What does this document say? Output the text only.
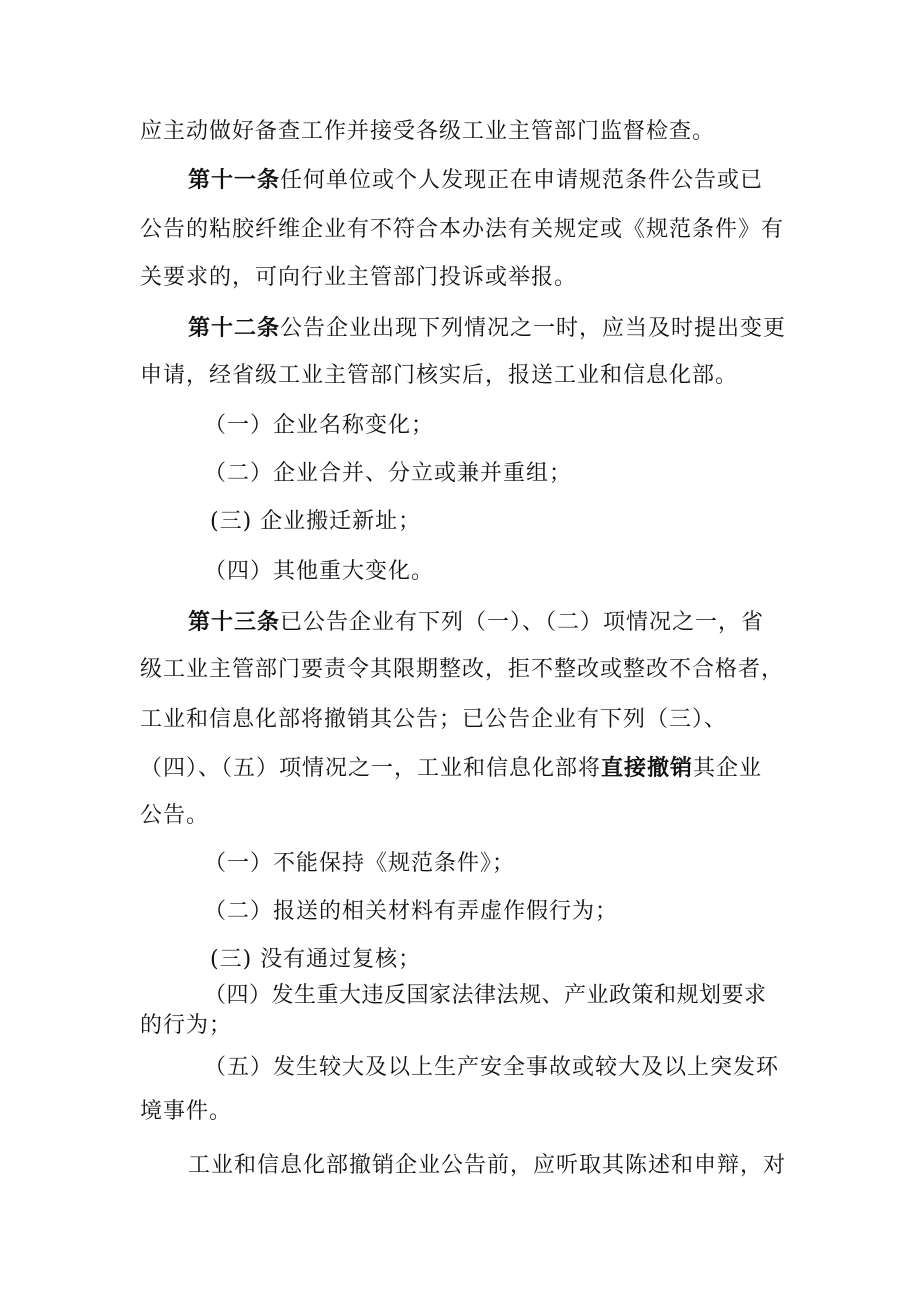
应主动做好备查工作并接受各级工业主管部门监督检查。
第十一条任何单位或个人发现正在申请规范条件公告或已
公告的粘胶纤维企业有不符合本办法有关规定或《规范条件》有
关要求的，可向行业主管部门投诉或举报。
第十二条公告企业出现下列情况之一时，应当及时提出变更
申请，经省级工业主管部门核实后，报送工业和信息化部。
（一）企业名称变化；
（二）企业合并、分立或兼并重组；
(三) 企业搬迁新址；
（四）其他重大变化。
第十三条已公告企业有下列（一）、（二）项情况之一，省
级工业主管部门要责令其限期整改，拒不整改或整改不合格者，
工业和信息化部将撤销其公告；已公告企业有下列（三）、
（四）、（五）项情况之一，工业和信息化部将直接撤销其企业
公告。
（一）不能保持《规范条件》；
（二）报送的相关材料有弄虚作假行为；
(三) 没有通过复核；
（四）发生重大违反国家法律法规、产业政策和规划要求
的行为；
（五）发生较大及以上生产安全事故或较大及以上突发环
境事件。
工业和信息化部撤销企业公告前，应听取其陈述和申辩，对
